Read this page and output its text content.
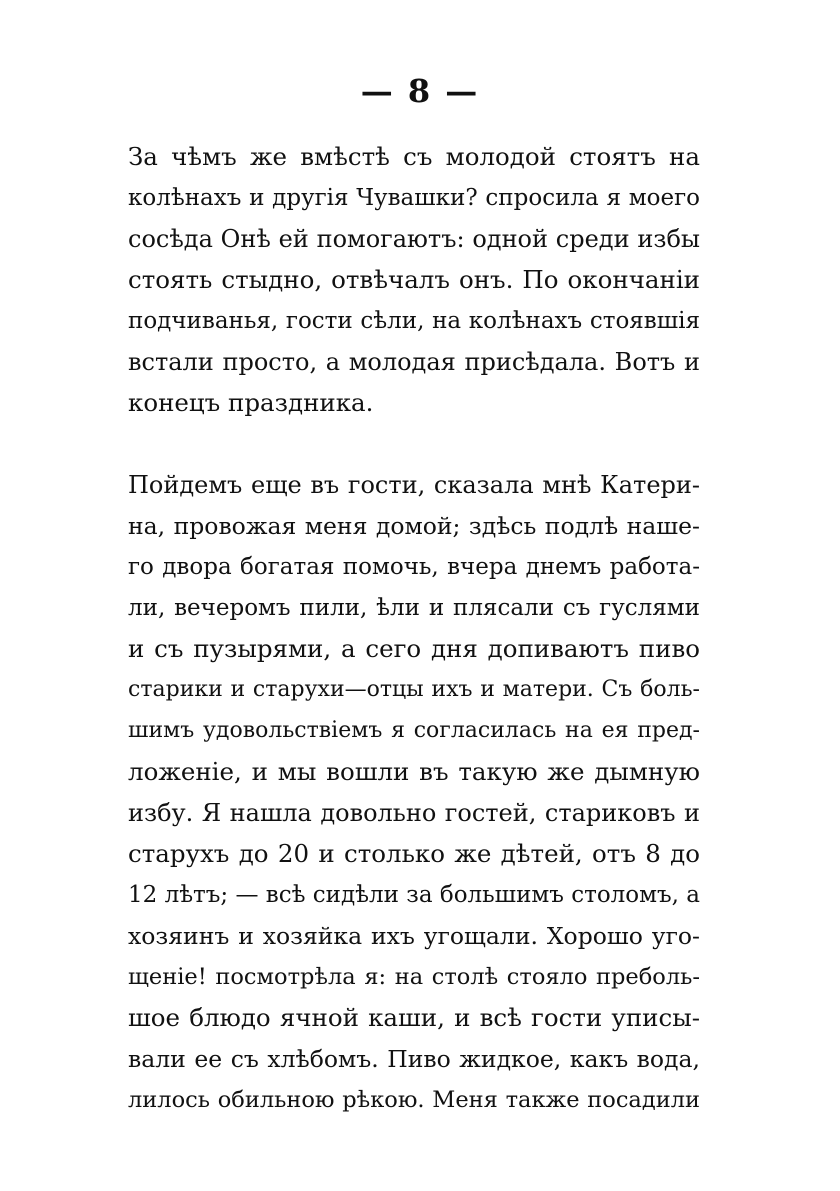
— 8 —
За чѣмъ же вмѣстѣ съ молодой стоятъ на
колѣнахъ и другія Чувашки? спросила я моего
сосѣда Онѣ ей помогаютъ: одной среди избы
стоять стыдно, отвѣчалъ онъ. По окончаніи
подчиванья, гости сѣли, на колѣнахъ стоявшія
встали просто, а молодая присѣдала. Вотъ и
конецъ праздника.
Пойдемъ еще въ гости, сказала мнѣ Катери-
на, провожая меня домой; здѣсь подлѣ наше-
го двора богатая помочь, вчера днемъ работа-
ли, вечеромъ пили, ѣли и плясали съ гуслями
и съ пузырями, а сего дня допиваютъ пиво
старики и старухи—отцы ихъ и матери. Съ боль-
шимъ удовольствіемъ я согласилась на ея пред-
ложеніе, и мы вошли въ такую же дымную
избу. Я нашла довольно гостей, стариковъ и
старухъ до 20 и столько же дѣтей, отъ 8 до
12 лѣтъ; — всѣ сидѣли за большимъ столомъ, а
хозяинъ и хозяйка ихъ угощали. Хорошо уго-
щеніе! посмотрѣла я: на столѣ стояло преболь-
шое блюдо ячной каши, и всѣ гости уписы-
вали ее съ хлѣбомъ. Пиво жидкое, какъ вода,
лилось обильною рѣкою. Меня также посадили
